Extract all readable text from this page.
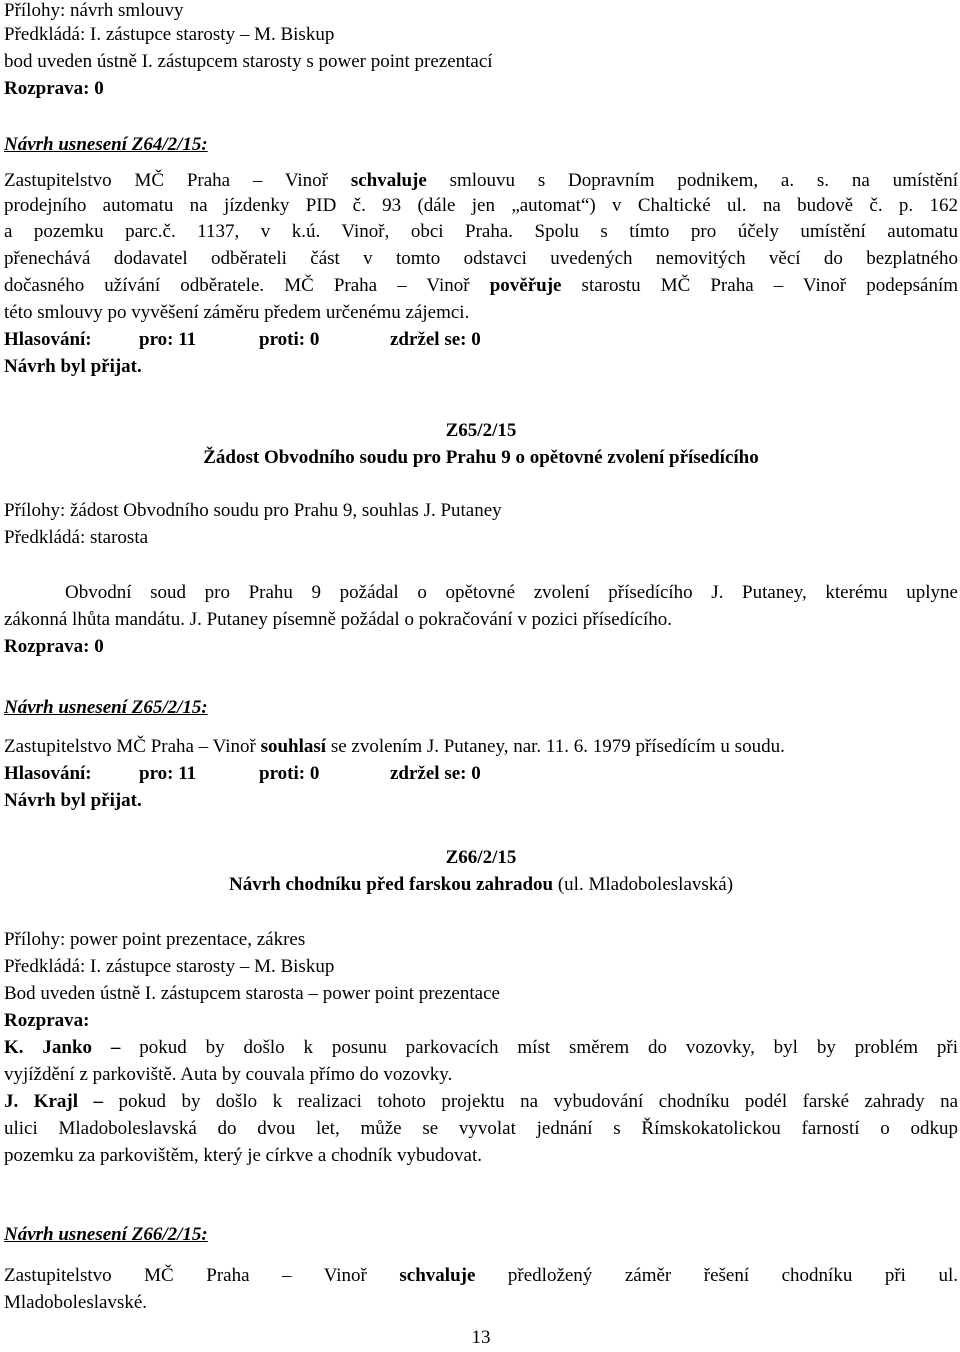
Přílohy: návrh smlouvy
Předkládá: I. zástupce starosty – M. Biskup
bod uveden ústně I. zástupcem starosty s power point prezentací
Rozprava: 0
Návrh usnesení Z64/2/15:
Zastupitelstvo MČ Praha – Vinoř schvaluje smlouvu s Dopravním podnikem, a. s. na umístění
prodejního automatu na jízdenky PID č. 93 (dále jen „automat“) v Chaltické ul. na budově č. p. 162
a pozemku parc.č. 1137, v k.ú. Vinoř, obci Praha. Spolu s tímto pro účely umístění automatu
přenechává dodavatel odběrateli část v tomto odstavci uvedených nemovitých věcí do bezplatného
dočasného užívání odběratele. MČ Praha – Vinoř pověřuje starostu MČ Praha – Vinoř podepsáním
této smlouvy po vyvěšení záměru předem určenému zájemci.
Hlasování: pro: 11	proti: 0	zdržel se: 0
Návrh byl přijat.
Z65/2/15
Žádost Obvodního soudu pro Prahu 9 o opětovné zvolení přísedícího
Přílohy: žádost Obvodního soudu pro Prahu 9, souhlas J. Putaney
Předkládá: starosta
Obvodní soud pro Prahu 9 požádal o opětovné zvolení přísedícího J. Putaney, kterému uplyne
zákonná lhůta mandátu. J. Putaney písemně požádal o pokračování v pozici přísedícího.
Rozprava: 0
Návrh usnesení Z65/2/15:
Zastupitelstvo MČ Praha – Vinoř souhlasí se zvolením J. Putaney, nar. 11. 6. 1979 přísedícím u soudu.
Hlasování: pro: 11	proti: 0	zdržel se: 0
Návrh byl přijat.
Z66/2/15
Návrh chodníku před farskou zahradou (ul. Mladoboleslavská)
Přílohy: power point prezentace, zákres
Předkládá: I. zástupce starosty – M. Biskup
Bod uveden ústně I. zástupcem starosta – power point prezentace
Rozprava:
K. Janko – pokud by došlo k posunu parkovacích míst směrem do vozovky, byl by problém při
vyjíždění z parkoviště. Auta by couvala přímo do vozovky.
J. Krajl – pokud by došlo k realizaci tohoto projektu na vybudování chodníku podél farské zahrady na
ulici Mladoboleslavská do dvou let, může se vyvolat jednání s Římskokatolickou farností o odkup
pozemku za parkovištěm, který je církve a chodník vybudovat.
Návrh usnesení Z66/2/15:
Zastupitelstvo MČ Praha – Vinoř schvaluje předložený záměr řešení chodníku při ul.
Mladoboleslavské.
13
